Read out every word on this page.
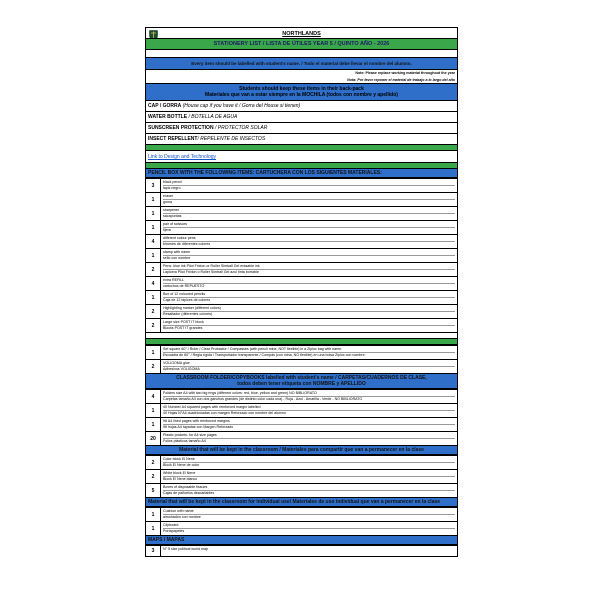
NORTHLANDS
STATIONERY LIST / LISTA DE ÚTILES YEAR 5 / QUINTO AÑO - 2026
Every item should be labelled with student's name. / Todo el material debe llevar el nombre del alumno.
Note: Please replace working material throughout the year
Nota: Por favor reponer el material de trabajo a lo largo del año
Students should keep these items in their back-pack
Materiales que van a estar siempre en la MOCHILA (todos con nombre y apellido)
CAP / GORRA (House cap if you have it / Gorra del House si tienen)
WATER BOTTLE / BOTELLA DE AGUA
SUNSCREEN PROTECTION / PROTECTOR SOLAR
INSECT REPELLENT/ REPELENTE DE INSECTOS
Link to Design and Technology
PENCIL BOX WITH THE FOLLOWING ITEMS: CARTUCHERA CON LOS SIGUIENTES MATERIALES:
3
black pencil
lápiz negro
1
eraser
goma
1
sharpener
sacapuntas
1
pair of scissors
tijera
4
different colour pens
biromes de diferentes colores
1
stamp with name
sello con nombre
2
Pens: blue ink Pilot Frixion or Roller Simball Gel erasable ink
Lapicera Pilot Frixion o Roller Simball Gel azul tinta borrable
4
extra REFILL
cartuchos de REPUESTO
1
Box of 12 coloured pencils
Caja de 12 lápices de colores
2
Highlighting marker (different colors)
Resaltador (diferentes colores)
2
Large size POST IT block
Blocks POST IT grandes
1
Set square 60° / Ruler / Clear Protractor / Compasses (with pencil mine, NOT flexible) in a Ziploc bag with name.
Escuadra de 60° / Regla rígida / Transportador transparente / Compás (con mina, NO flexible) en una bolsa Ziploc con nombre.
2
VOLIGOMA glue
Adhesivos VOLIGOMA
CLASSROOM FOLDER/COPYBOOKS labelled with student's name / CARPETAS/CUADERNOS DE CLASE,
todos deben tener etiqueta con NOMBRE y APELLIDO
4
Folders size A4 with two big rings (different colors: red, blue, yellow and green) NO BIBLIORATO
Carpetas tamaño A4 con dos ganchos grandes (de distinto color cada una) - Roja - Azul - Amarilla - Verde - NO BIBLIORATO
1
40 Number A4 squared pages with reinforced margin labelled
40 Hojas N°A4 cuadriculadas con margen Reforzado con nombre del alumno
1
96 A4 lined pages with reinforced margins
96 hojas A4 rayadas con Margen Reforzado
20
Plastic pockets- for A4 size pages
Folios plásticos tamaño A4
Material that will be kept in the classroom / Materiales para compartir que van a permanecer en la clase
2
Color block El Nene
Block El Nene de color
2
White block El Nene
Block El Nene blanco
5
Boxes of disposable tissues
Cajas de pañuelos descartables
Material that will be kept in the classroom for individual use/ Materiales de uso individual que van a permanecer en la clase
1
Cushion with name
almohadón con nombre
1
Clipboard
Portapapeles
MAPS / MAPAS
3	N° 5 size political world map
